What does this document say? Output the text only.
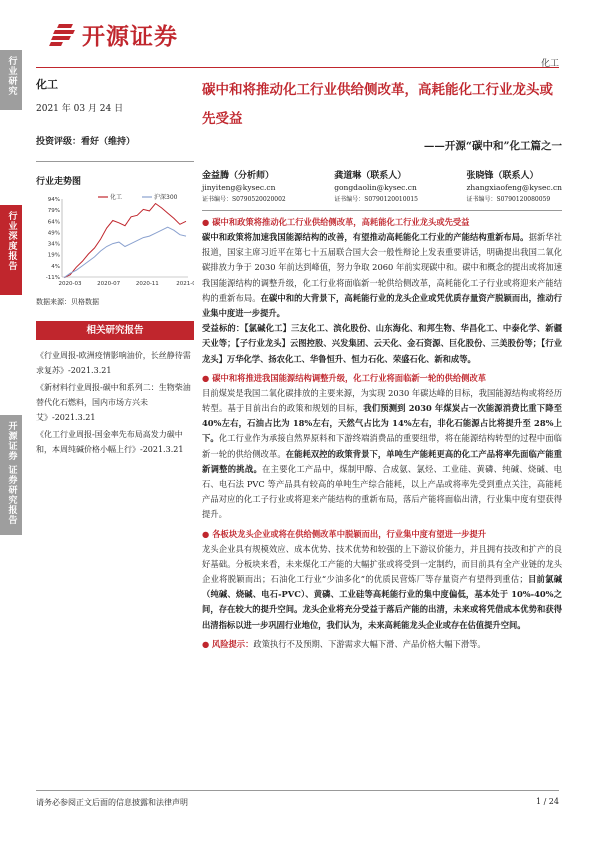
开源证券
化工
行业研究
行业深度报告
开源证券 证券研究报告
化工
2021 年 03 月 24 日
投资评级：看好（维持）
行业走势图
94%
79%
64%
49%
34%
19%
4%
-11%
2020-03	2020-07	2020-11	2021-0
化工	沪深300
数据来源：贝格数据
相关研究报告
《行业周报-欧洲疫情影响油价，长丝静待需求复苏》-2021.3.21
《新材料行业周报-碳中和系列二：生物柴油替代化石燃料，国内市场方兴未艾》-2021.3.21
《化工行业周报-国金率先布局高发力碳中和，本周纯碱价格小幅上行》-2021.3.21
碳中和将推动化工行业供给侧改革，高耗能化工行业龙头或先受益
——开源“碳中和”化工篇之一
金益腾（分析师）
jinyiteng@kysec.cn
证书编号：S0790520020002
龚道琳（联系人）
gongdaolin@kysec.cn
证书编号：S0790120010015
张晓锋（联系人）
zhangxiaofeng@kysec.cn
证书编号：S0790120080059
● 碳中和政策将推动化工行业供给侧改革，高耗能化工行业龙头或先受益

碳中和政策将加速我国能源结构的改善，有望推动高耗能化工行业的产能结构重新布局。据新华社报道，国家主席习近平在第七十五届联合国大会一般性辩论上发表重要讲话，明确提出我国二氧化碳排放力争于 2030 年前达到峰值，努力争取 2060 年前实现碳中和。碳中和概念的提出或将加速我国能源结构的调整升级，化工行业将面临新一轮供给侧改革，高耗能化工子行业或将迎来产能结构的重新布局。在碳中和的大背景下，高耗能行业的龙头企业或凭优质存量资产脱颖而出，推动行业集中度进一步提升。

受益标的：【氯碱化工】三友化工、滨化股份、山东海化、和邦生物、华昌化工、中泰化学、新疆天业等；【子行业龙头】云图控股、兴发集团、云天化、金石资源、巨化股份、三美股份等；【行业龙头】万华化学、扬农化工、华鲁恒升、恒力石化、荣盛石化、新和成等。

● 碳中和将推进我国能源结构调整升级，化工行业将面临新一轮的供给侧改革

目前煤炭是我国二氧化碳排放的主要来源，为实现 2030 年碳达峰的目标，我国能源结构或将经历转型。基于目前出台的政策和规划的目标，我们预测到 2030 年煤炭占一次能源消费比重下降至 40%左右，石油占比为 18%左右，天然气占比为 14%左右，非化石能源占比将提升至 28%上下。化工行业作为承接自然界原料和下游终端消费品的重要纽带，将在能源结构转型的过程中面临新一轮的供给侧改革。在能耗双控的政策背景下，单吨生产能耗更高的化工产品将率先面临产能重新调整的挑战。在主要化工产品中，煤制甲醇、合成氨、氯烃、工业硅、黄磷、纯碱、烧碱、电石、电石法 PVC 等产品具有较高的单吨生产综合能耗，以上产品或将率先受到重点关注，高能耗产品对应的化工子行业或将迎来产能结构的重新布局，落后产能将面临出清，行业集中度有望获得提升。

● 各板块龙头企业或将在供给侧改革中脱颖而出，行业集中度有望进一步提升

龙头企业具有规模效应、成本优势、技术优势和较强的上下游议价能力，并且拥有技改和扩产的良好基础。分板块来看，未来煤化工产能的大幅扩张或将受到一定制约，而目前具有全产业链的龙头企业将脱颖而出；石油化工行业“少油多化”的优质民营炼厂等存量资产有望得到重估；目前氯碱（纯碱、烧碱、电石-PVC）、黄磷、工业硅等高耗能行业的集中度偏低，基本处于 10%-40%之间，存在较大的提升空间。龙头企业将充分受益于落后产能的出清，未来或将凭借成本优势和获得出清指标以进一步巩固行业地位，我们认为，未来高耗能龙头企业或存在估值提升空间。

● 风险提示：政策执行不及预期、下游需求大幅下滑、产品价格大幅下滑等。

请务必参阅正文后面的信息披露和法律声明	1 / 24
